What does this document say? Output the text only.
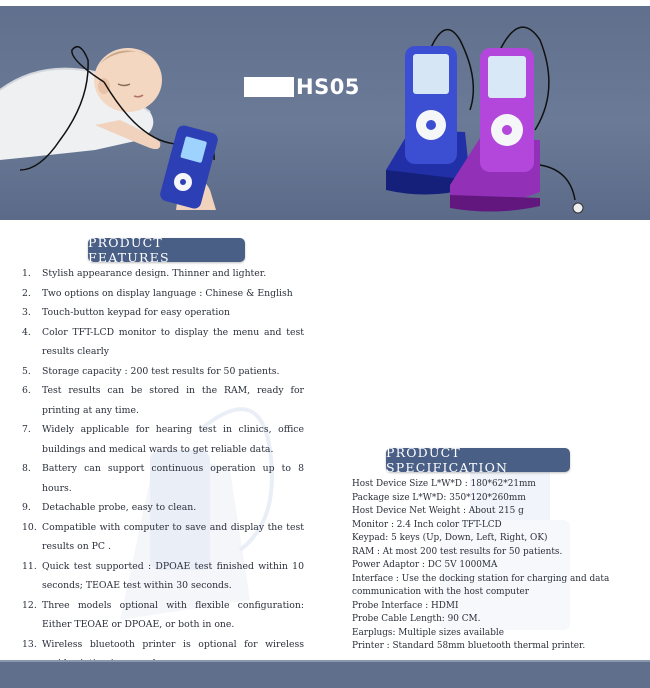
HS05
PRODUCT FEATURES
1.	Stylish appearance design. Thinner and lighter.
2.	Two options on display language : Chinese & English
3.	Touch-button keypad for easy operation
4.	Color TFT-LCD monitor to display the menu and test results clearly
5.	Storage capacity : 200 test results for 50 patients.
6.	Test results can be stored in the RAM, ready for printing at any time.
7.	Widely applicable for hearing test in clinics, office buildings and medical wards to get reliable data.
8.	Battery can support continuous operation up to 8 hours.
9.	Detachable probe, easy to clean.
10. Compatible with computer to save and display the test results on PC .
11. Quick test supported : DPOAE test finished within 10 seconds; TEOAE test within 30 seconds.
12. Three models optional with flexible configuration: Either TEOAE or DPOAE, or both in one.
13. Wireless bluetooth printer is optional for wireless
PRODUCT SPECIFICATION
Host Device Size L*W*D : 180*62*21mm
Package size L*W*D: 350*120*260mm
Host Device Net Weight : About 215 g
Monitor : 2.4 Inch color TFT-LCD
Keypad: 5 keys (Up, Down, Left, Right, OK)
RAM : At most 200 test results for 50 patients.
Power Adaptor : DC 5V 1000MA
Interface : Use the docking station for charging and data communication with the host computer
Probe Interface : HDMI
Probe Cable Length: 90 CM.
Earplugs: Multiple sizes available
Printer : Standard 58mm bluetooth thermal printer.
